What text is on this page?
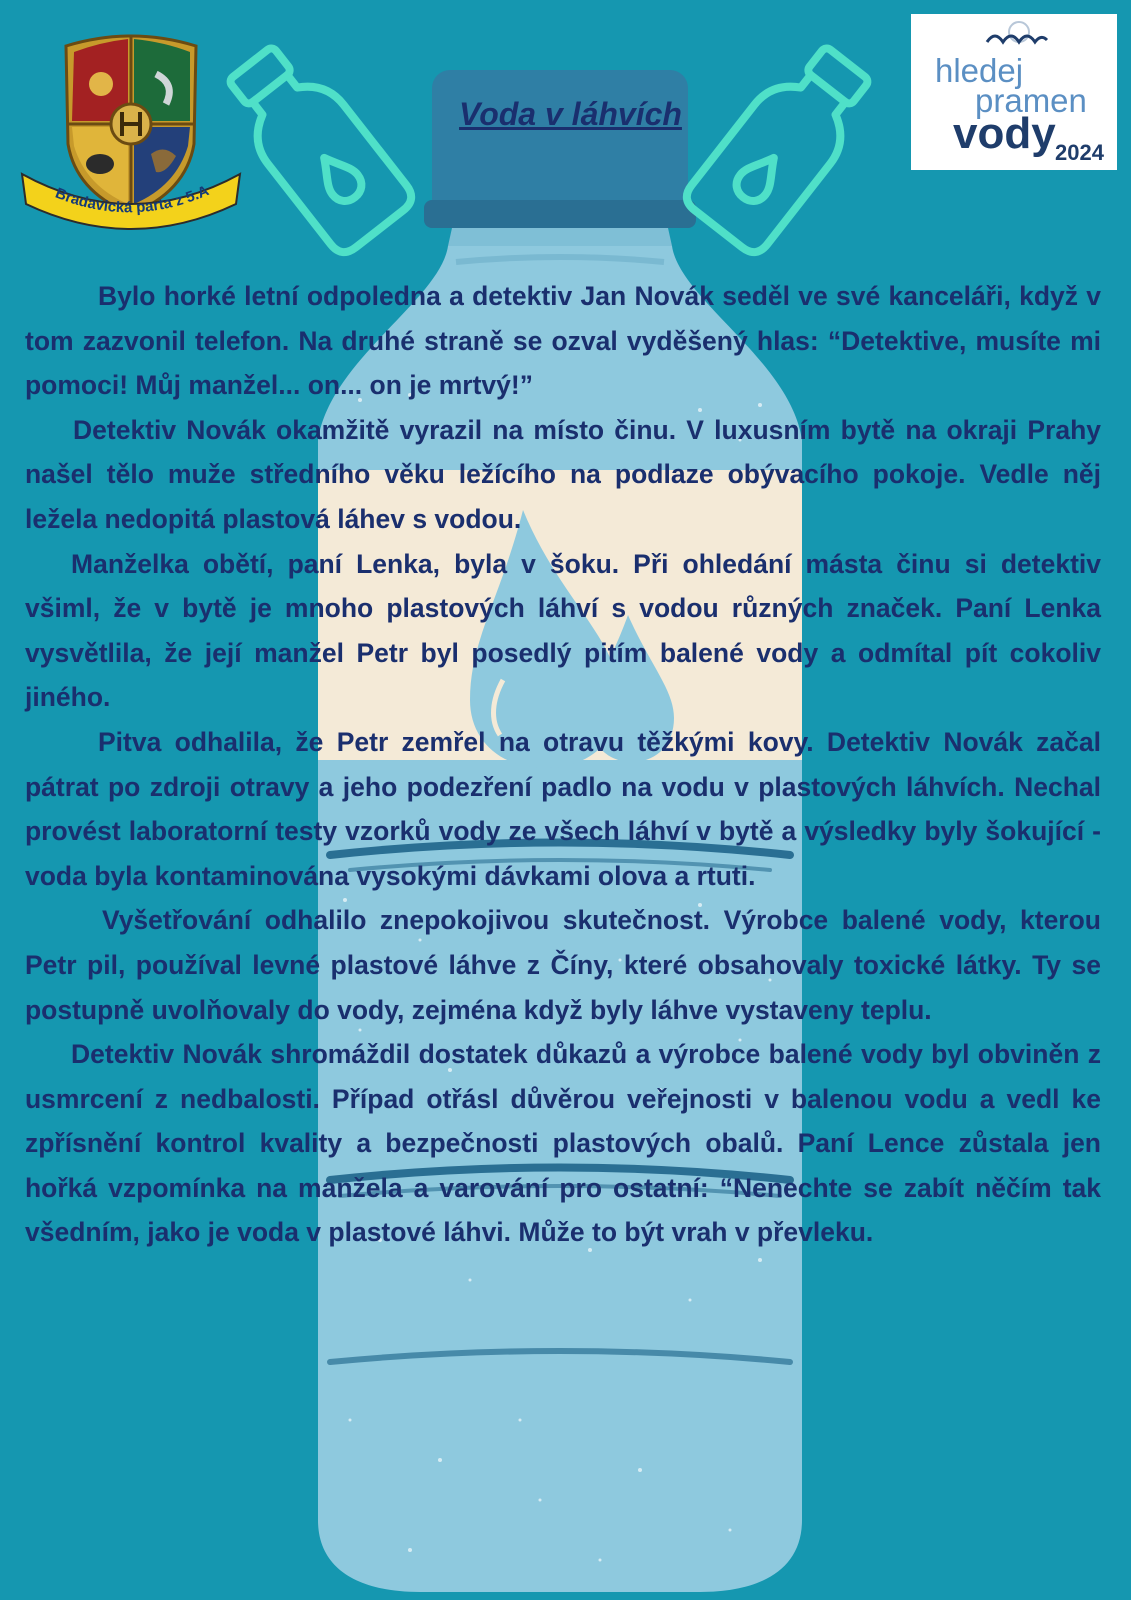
Bradavická parta z 5.A
hledej
pramen
vody 2024
Voda v láhvích

Bylo horké letní odpoledna a detektiv Jan Novák seděl ve své kanceláři, když v tom zazvonil telefon. Na druhé straně se ozval vyděšený hlas: “Detektive, musíte mi pomoci! Můj manžel... on... on je mrtvý!”

Detektiv Novák okamžitě vyrazil na místo činu. V luxusním bytě na okraji Prahy našel tělo muže středního věku ležícího na podlaze obývacího pokoje. Vedle něj ležela nedopitá plastová láhev s vodou.

Manželka obětí, paní Lenka, byla v šoku. Při ohledání másta činu si detektiv všiml, že v bytě je mnoho plastových láhví s vodou různých značek. Paní Lenka vysvětlila, že její manžel Petr byl posedlý pitím balené vody a odmítal pít cokoliv jiného.

Pitva odhalila, že Petr zemřel na otravu těžkými kovy. Detektiv Novák začal pátrat po zdroji otravy a jeho podezření padlo na vodu v plastových láhvích. Nechal provést laboratorní testy vzorků vody ze všech láhví v bytě a výsledky byly šokující - voda byla kontaminována vysokými dávkami olova a rtuti.

Vyšetřování odhalilo znepokojivou skutečnost. Výrobce balené vody, kterou Petr pil, používal levné plastové láhve z Číny, které obsahovaly toxické látky. Ty se postupně uvolňovaly do vody, zejména když byly láhve vystaveny teplu.

Detektiv Novák shromáždil dostatek důkazů a výrobce balené vody byl obviněn z usmrcení z nedbalosti. Případ otřásl důvěrou veřejnosti v balenou vodu a vedl ke zpřísnění kontrol kvality a bezpečnosti plastových obalů. Paní Lence zůstala jen hořká vzpomínka na manžela a varování pro ostatní: “Nenechte se zabít něčím tak všedním, jako je voda v plastové láhvi. Může to být vrah v převleku.
